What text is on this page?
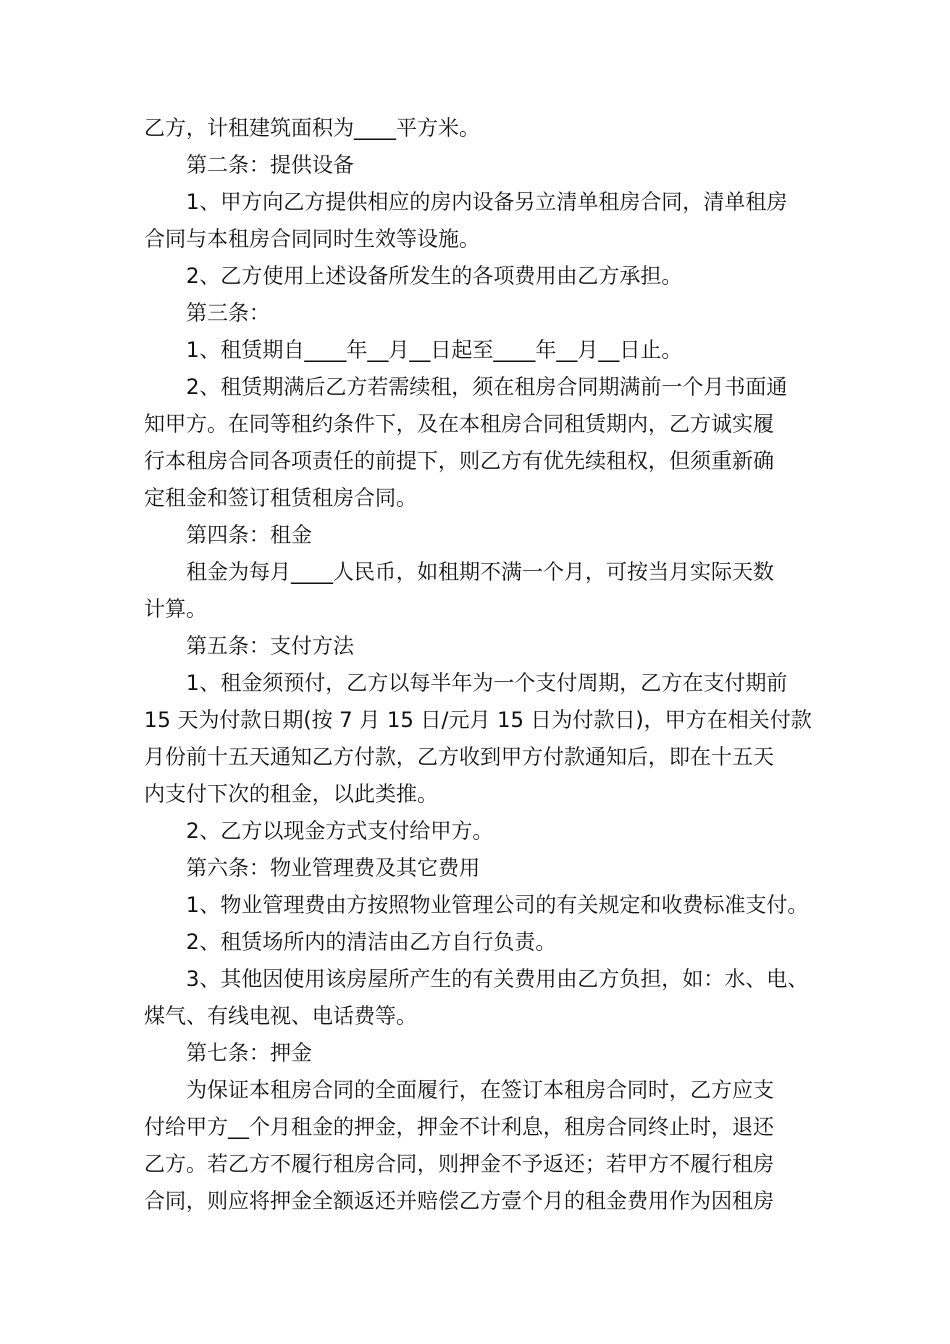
乙方，计租建筑面积为____平方米。
第二条：提供设备
1、甲方向乙方提供相应的房内设备另立清单租房合同，清单租房
合同与本租房合同同时生效等设施。
2、乙方使用上述设备所发生的各项费用由乙方承担。
第三条：
1、租赁期自____年__月__日起至____年__月__日止。
2、租赁期满后乙方若需续租，须在租房合同期满前一个月书面通
知甲方。在同等租约条件下，及在本租房合同租赁期内，乙方诚实履
行本租房合同各项责任的前提下，则乙方有优先续租权，但须重新确
定租金和签订租赁租房合同。
第四条：租金
租金为每月____人民币，如租期不满一个月，可按当月实际天数
计算。
第五条：支付方法
1、租金须预付，乙方以每半年为一个支付周期，乙方在支付期前
15 天为付款日期(按 7 月 15 日/元月 15 日为付款日)，甲方在相关付款
月份前十五天通知乙方付款，乙方收到甲方付款通知后，即在十五天
内支付下次的租金，以此类推。
2、乙方以现金方式支付给甲方。
第六条：物业管理费及其它费用
1、物业管理费由方按照物业管理公司的有关规定和收费标准支付。
2、租赁场所内的清洁由乙方自行负责。
3、其他因使用该房屋所产生的有关费用由乙方负担，如：水、电、
煤气、有线电视、电话费等。
第七条：押金
为保证本租房合同的全面履行，在签订本租房合同时，乙方应支
付给甲方__个月租金的押金，押金不计利息，租房合同终止时，退还
乙方。若乙方不履行租房合同，则押金不予返还；若甲方不履行租房
合同，则应将押金全额返还并赔偿乙方壹个月的租金费用作为因租房
